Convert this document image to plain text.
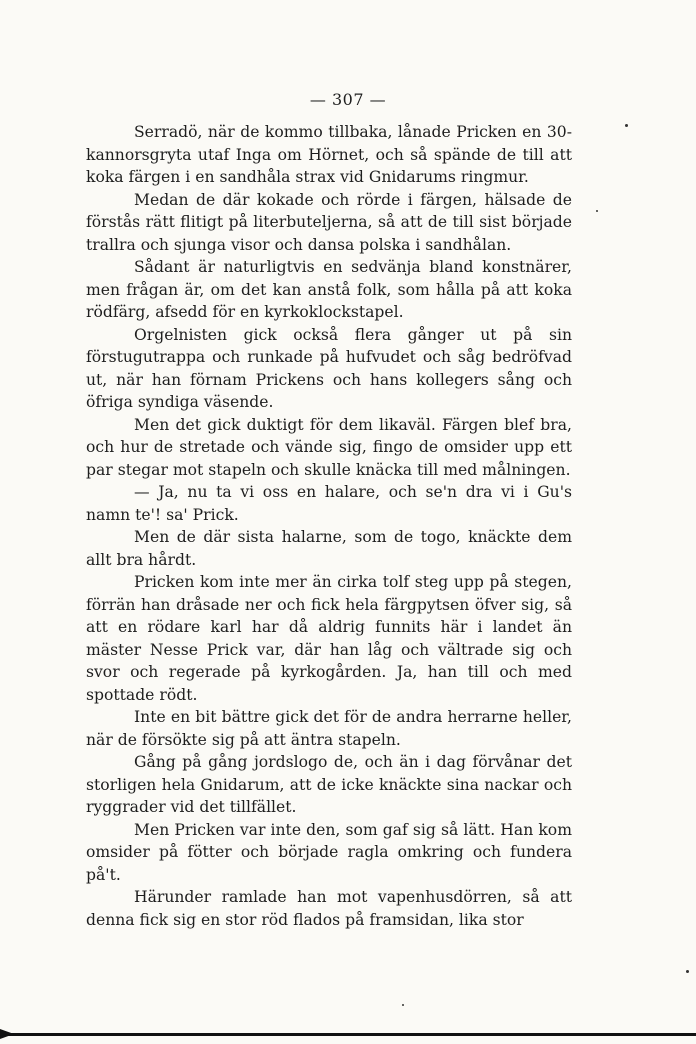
— 307 —

Serradö, när de kommo tillbaka, lånade Pricken en 30-kannorsgryta utaf Inga om Hörnet, och så spände de till att koka färgen i en sandhåla strax vid Gnidarums ringmur.

Medan de där kokade och rörde i färgen, hälsade de förstås rätt flitigt på literbuteljerna, så att de till sist började trallra och sjunga visor och dansa polska i sandhålan.

Sådant är naturligtvis en sedvänja bland konstnärer, men frågan är, om det kan anstå folk, som hålla på att koka rödfärg, afsedd för en kyrkoklockstapel.

Orgelnisten gick också flera gånger ut på sin förstugutrappa och runkade på hufvudet och såg bedröfvad ut, när han förnam Prickens och hans kollegers sång och öfriga syndiga väsende.

Men det gick duktigt för dem likaväl. Färgen blef bra, och hur de stretade och vände sig, fingo de omsider upp ett par stegar mot stapeln och skulle knäcka till med målningen.

— Ja, nu ta vi oss en halare, och se'n dra vi i Gu's namn te'! sa' Prick.

Men de där sista halarne, som de togo, knäckte dem allt bra hårdt.

Pricken kom inte mer än cirka tolf steg upp på stegen, förrän han dråsade ner och fick hela färgpytsen öfver sig, så att en rödare karl har då aldrig funnits här i landet än mäster Nesse Prick var, där han låg och vältrade sig och svor och regerade på kyrkogården. Ja, han till och med spottade rödt.

Inte en bit bättre gick det för de andra herrarne heller, när de försökte sig på att äntra stapeln.

Gång på gång jordslogo de, och än i dag förvånar det storligen hela Gnidarum, att de icke knäckte sina nackar och ryggrader vid det tillfället.

Men Pricken var inte den, som gaf sig så lätt. Han kom omsider på fötter och började ragla omkring och fundera på't.

Härunder ramlade han mot vapenhusdörren, så att denna fick sig en stor röd flados på framsidan, lika stor
